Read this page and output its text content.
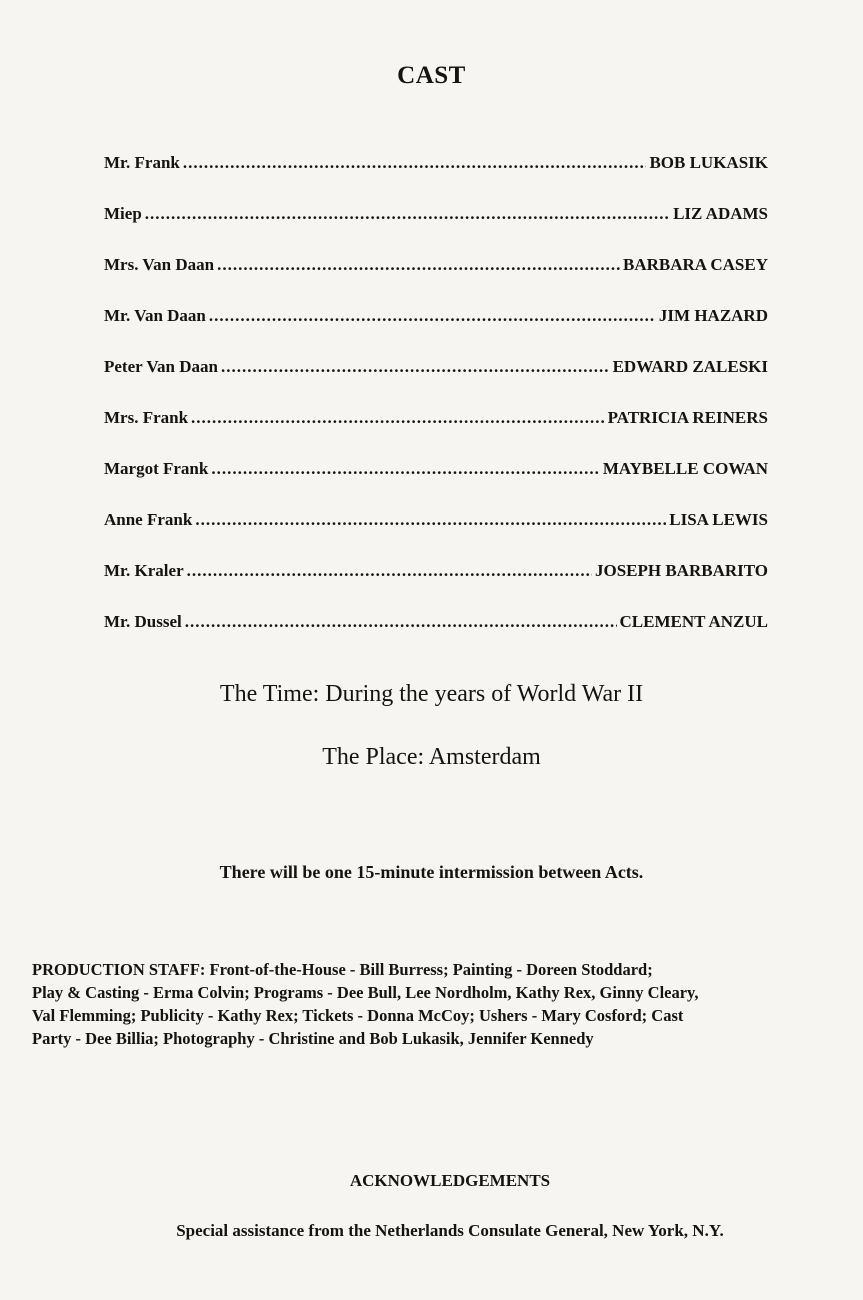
CAST
Mr. Frank .....	BOB LUKASIK
Miep .....	LIZ ADAMS
Mrs. Van Daan .....	BARBARA CASEY
Mr. Van Daan .....	JIM HAZARD
Peter Van Daan .....	EDWARD ZALESKI
Mrs. Frank .....	PATRICIA REINERS
Margot Frank .....	MAYBELLE COWAN
Anne Frank .....	LISA LEWIS
Mr. Kraler .....	JOSEPH BARBARITO
Mr. Dussel .....	CLEMENT ANZUL
The Time: During the years of World War II
The Place: Amsterdam
There will be one 15-minute intermission between Acts.
PRODUCTION STAFF: Front-of-the-House - Bill Burress; Painting - Doreen Stoddard;
Play & Casting - Erma Colvin; Programs - Dee Bull, Lee Nordholm, Kathy Rex, Ginny Cleary,
Val Flemming; Publicity - Kathy Rex; Tickets - Donna McCoy; Ushers - Mary Cosford; Cast
Party - Dee Billia; Photography - Christine and Bob Lukasik, Jennifer Kennedy
ACKNOWLEDGEMENTS
Special assistance from the Netherlands Consulate General, New York, N.Y.
